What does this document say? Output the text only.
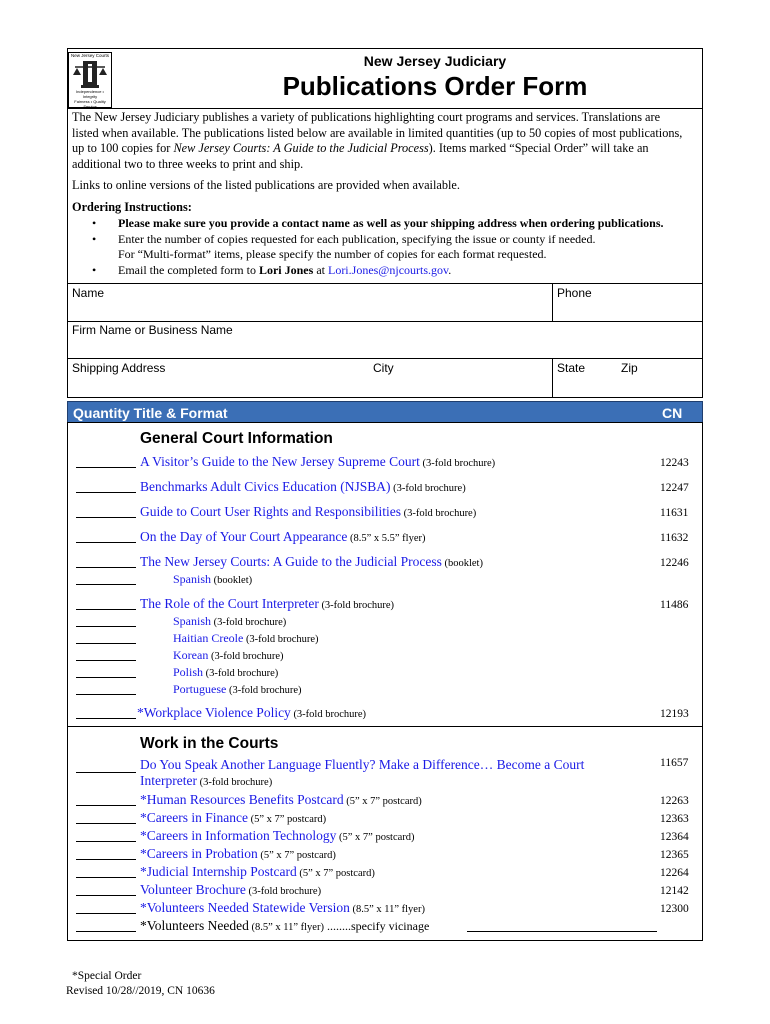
New Jersey Courts
Independence • Integrity
Fairness • Quality Service
New Jersey Judiciary
Publications Order Form
The New Jersey Judiciary publishes a variety of publications highlighting court programs and services. Translations are
listed when available. The publications listed below are available in limited quantities (up to 50 copies of most publications,
up to 100 copies for New Jersey Courts: A Guide to the Judicial Process). Items marked “Special Order” will take an
additional two to three weeks to print and ship.
Links to online versions of the listed publications are provided when available.
Ordering Instructions:
• Please make sure you provide a contact name as well as your shipping address when ordering publications.
• Enter the number of copies requested for each publication, specifying the issue or county if needed.
For “Multi-format” items, please specify the number of copies for each format requested.
• Email the completed form to Lori Jones at Lori.Jones@njcourts.gov.
Name	Phone
Firm Name or Business Name
Shipping Address	City	State	Zip
Quantity Title & Format	CN
General Court Information
A Visitor’s Guide to the New Jersey Supreme Court (3-fold brochure)	12243
Benchmarks Adult Civics Education (NJSBA) (3-fold brochure)	12247
Guide to Court User Rights and Responsibilities (3-fold brochure)	11631
On the Day of Your Court Appearance (8.5” x 5.5” flyer)	11632
The New Jersey Courts: A Guide to the Judicial Process (booklet)	12246
Spanish (booklet)
The Role of the Court Interpreter (3-fold brochure)	11486
Spanish (3-fold brochure)
Haitian Creole (3-fold brochure)
Korean (3-fold brochure)
Polish (3-fold brochure)
Portuguese (3-fold brochure)
*Workplace Violence Policy (3-fold brochure)	12193
Work in the Courts
Do You Speak Another Language Fluently? Make a Difference… Become a Court
Interpreter (3-fold brochure)
11657
*Human Resources Benefits Postcard (5” x 7” postcard)	12263
*Careers in Finance (5” x 7” postcard)	12363
*Careers in Information Technology (5” x 7” postcard)	12364
*Careers in Probation (5” x 7” postcard)	12365
*Judicial Internship Postcard (5” x 7” postcard)	12264
Volunteer Brochure (3-fold brochure)	12142
*Volunteers Needed Statewide Version (8.5” x 11” flyer)	12300
*Volunteers Needed (8.5” x 11” flyer) ........specify vicinage
*Special Order
Revised 10/28//2019, CN 10636
